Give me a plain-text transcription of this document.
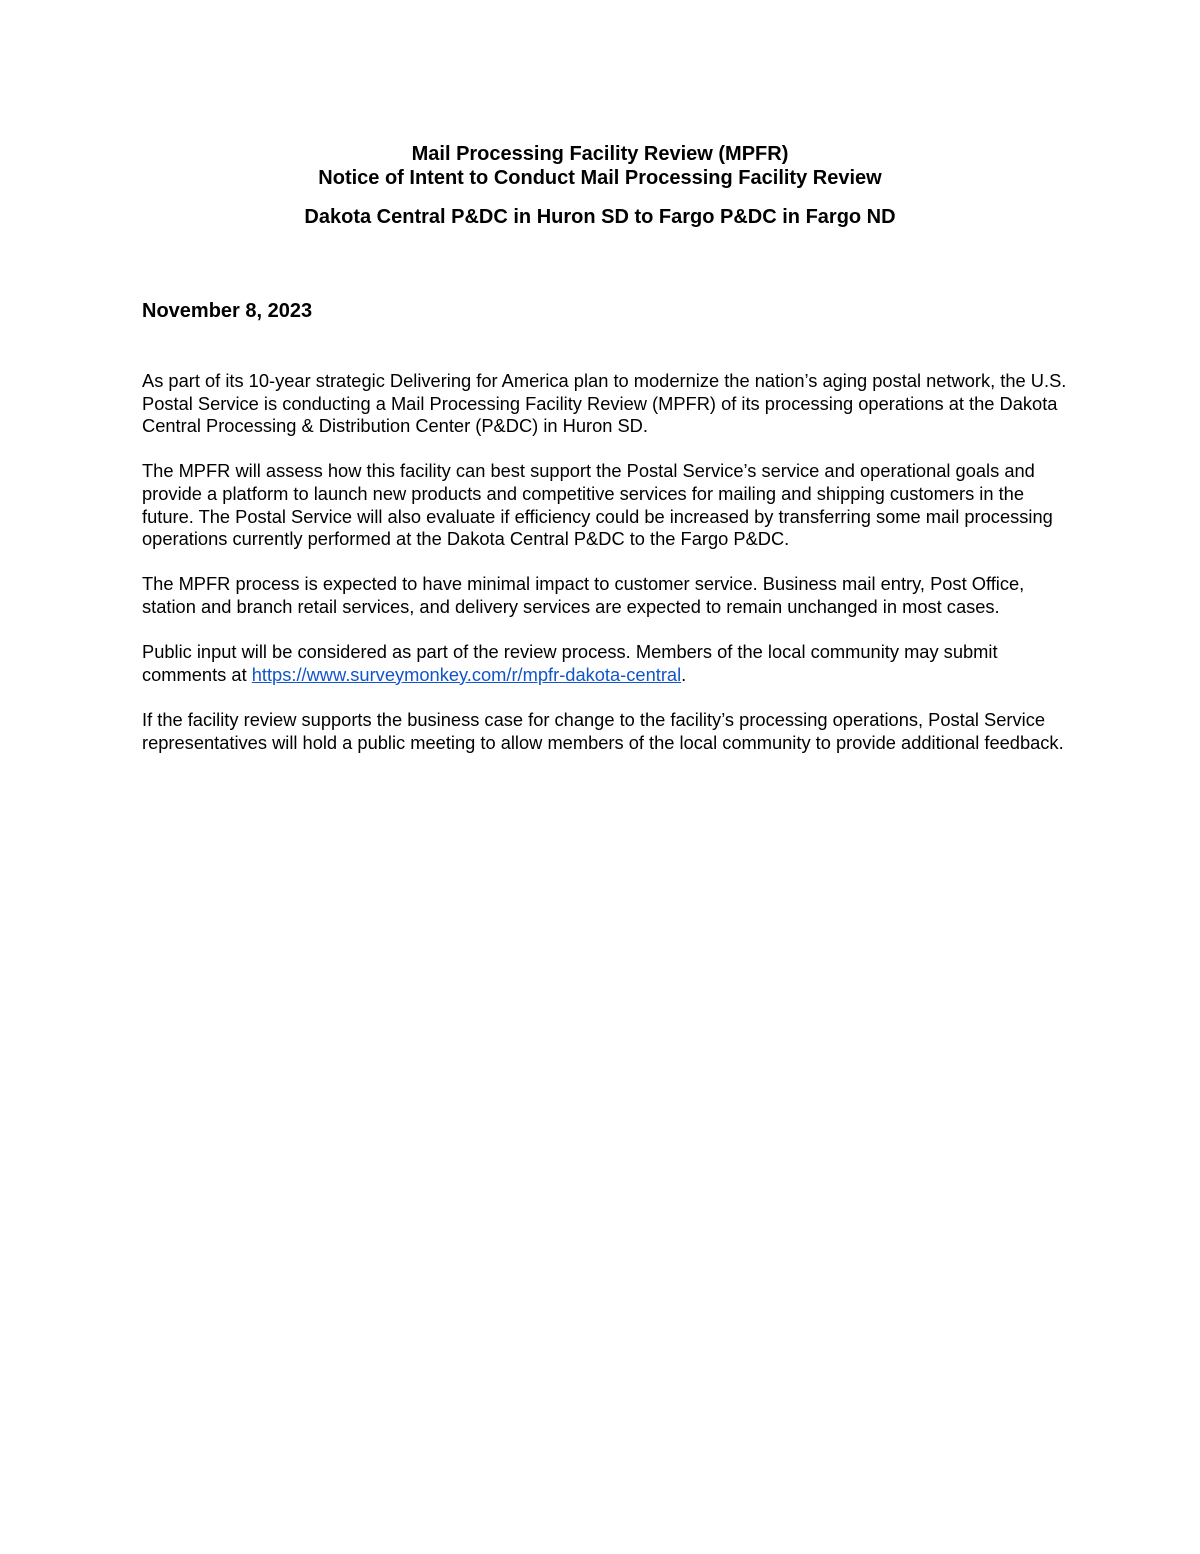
Mail Processing Facility Review (MPFR)

Notice of Intent to Conduct Mail Processing Facility Review

Dakota Central P&DC in Huron SD to Fargo P&DC in Fargo ND

November 8, 2023

As part of its 10-year strategic Delivering for America plan to modernize the nation’s aging postal network, the U.S. Postal Service is conducting a Mail Processing Facility Review (MPFR) of its processing operations at the Dakota Central Processing & Distribution Center (P&DC) in Huron SD.

The MPFR will assess how this facility can best support the Postal Service’s service and operational goals and provide a platform to launch new products and competitive services for mailing and shipping customers in the future. The Postal Service will also evaluate if efficiency could be increased by transferring some mail processing operations currently performed at the Dakota Central P&DC to the Fargo P&DC.

The MPFR process is expected to have minimal impact to customer service. Business mail entry, Post Office, station and branch retail services, and delivery services are expected to remain unchanged in most cases.

Public input will be considered as part of the review process. Members of the local community may submit comments at https://www.surveymonkey.com/r/mpfr-dakota-central.

If the facility review supports the business case for change to the facility’s processing operations, Postal Service representatives will hold a public meeting to allow members of the local community to provide additional feedback.
